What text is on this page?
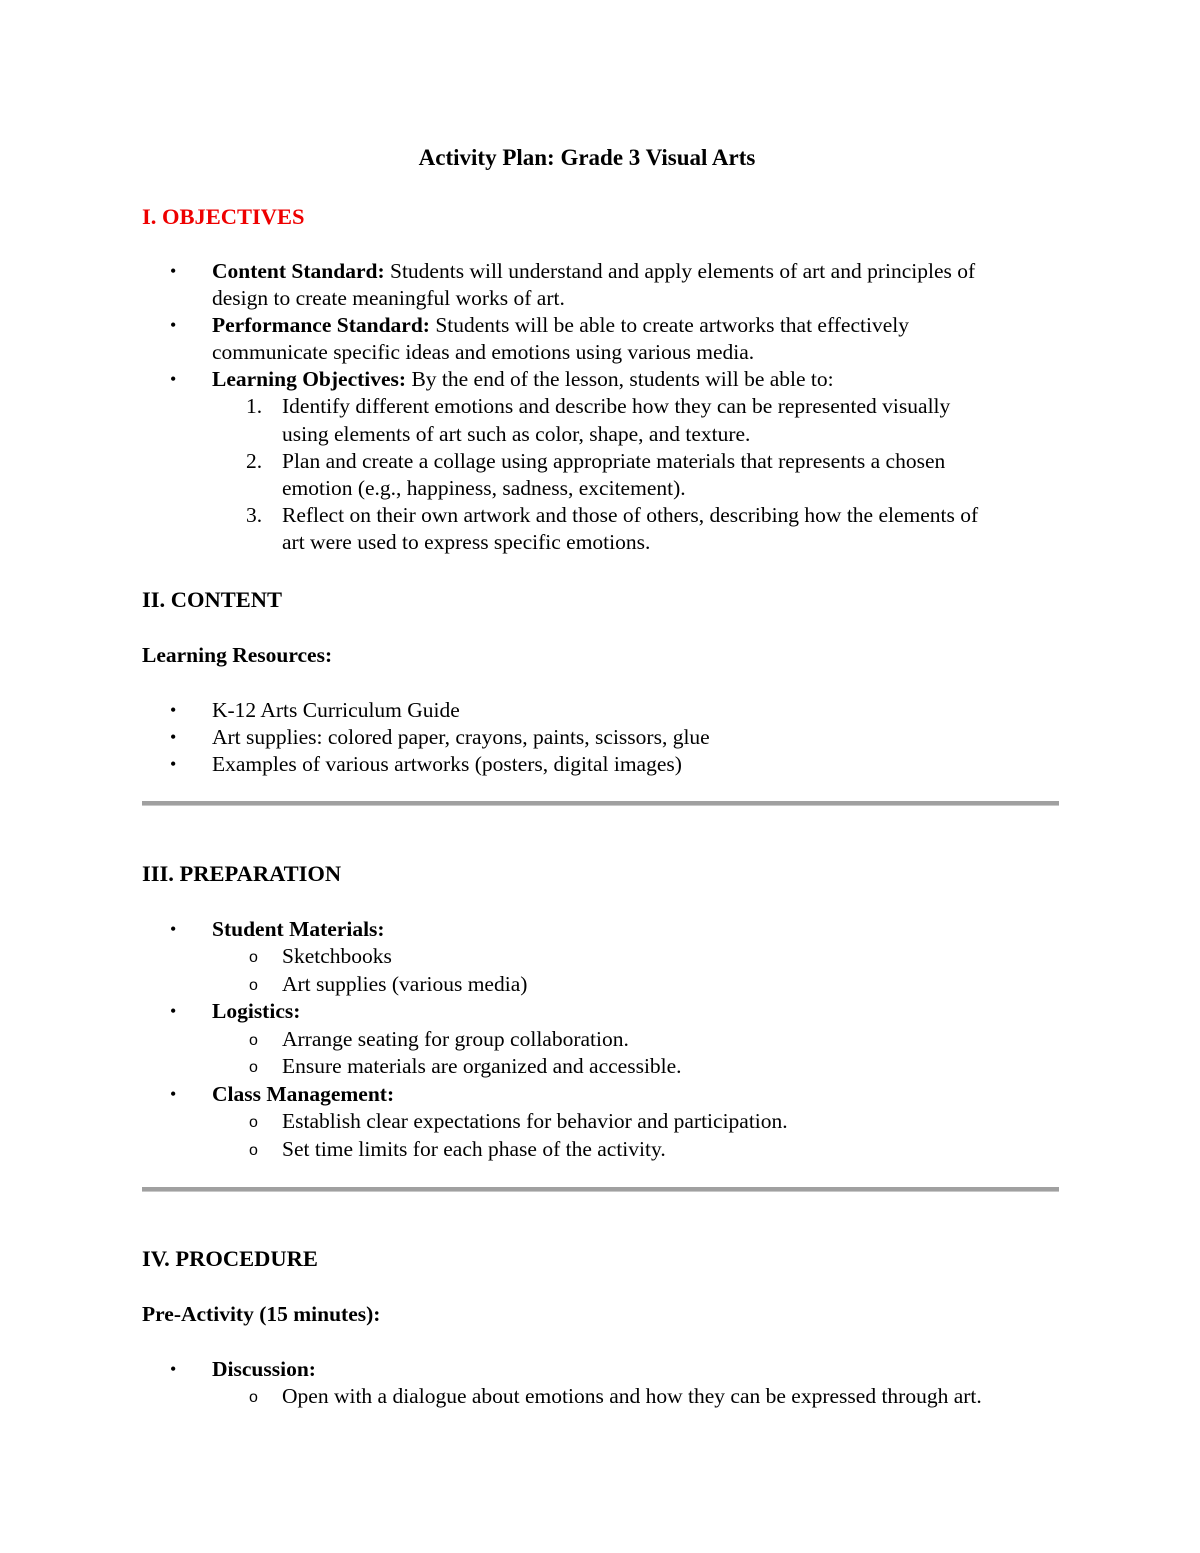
Activity Plan: Grade 3 Visual Arts
I. OBJECTIVES
• Content Standard: Students will understand and apply elements of art and principles of
design to create meaningful works of art.
• Performance Standard: Students will be able to create artworks that effectively
communicate specific ideas and emotions using various media.
• Learning Objectives: By the end of the lesson, students will be able to:
1. Identify different emotions and describe how they can be represented visually
using elements of art such as color, shape, and texture.
2. Plan and create a collage using appropriate materials that represents a chosen
emotion (e.g., happiness, sadness, excitement).
3. Reflect on their own artwork and those of others, describing how the elements of
art were used to express specific emotions.
II. CONTENT
Learning Resources:
• K-12 Arts Curriculum Guide
• Art supplies: colored paper, crayons, paints, scissors, glue
• Examples of various artworks (posters, digital images)
III. PREPARATION
• Student Materials:
o Sketchbooks
o Art supplies (various media)
• Logistics:
o Arrange seating for group collaboration.
o Ensure materials are organized and accessible.
• Class Management:
o Establish clear expectations for behavior and participation.
o Set time limits for each phase of the activity.
IV. PROCEDURE
Pre-Activity (15 minutes):
• Discussion:
o Open with a dialogue about emotions and how they can be expressed through art.
